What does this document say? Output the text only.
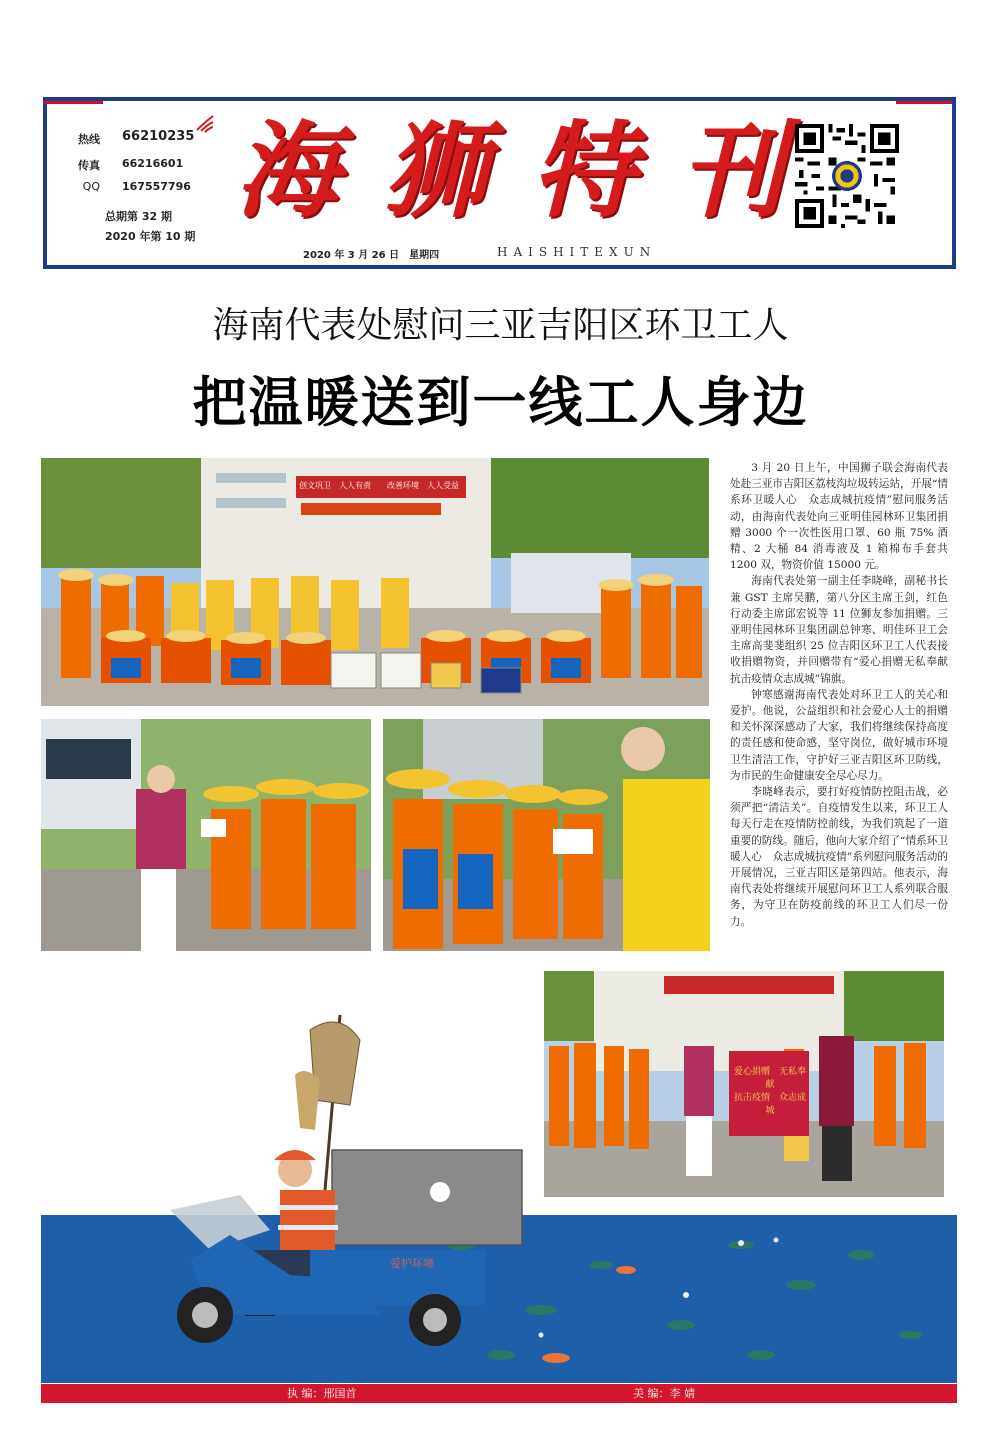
热线 66210235
传真 66216601
QQ 167557796
总期第 32 期
2020 年第 10 期
海 狮 特 刊
2020 年 3 月 26 日　星期四	HAISHITEXUN
海南代表处慰问三亚吉阳区环卫工人
把温暖送到一线工人身边
创文巩卫　人人有责　　改善环境　人人受益
爱心捐赠　无私奉献
抗击疫情　众志成城

3 月 20 日上午，中国狮子联会海南代表处赴三亚市吉阳区荔枝沟垃圾转运站，开展“情系环卫暖人心　众志成城抗疫情”慰问服务活动，由海南代表处向三亚明佳园林环卫集团捐赠 3000 个一次性医用口罩、60 瓶 75% 酒精、2 大桶 84 消毒液及 1 箱棉布手套共 1200 双，物资价值 15000 元。

海南代表处第一副主任李晓峰，副秘书长兼 GST 主席吴鹏，第八分区主席王剑，红色行动委主席邱宏锐等 11 位狮友参加捐赠。三亚明佳园林环卫集团副总钟寒、明佳环卫工会主席高斐斐组织 25 位吉阳区环卫工人代表接收捐赠物资，并回赠带有“爱心捐赠无私奉献　抗击疫情众志成城”锦旗。

钟寒感谢海南代表处对环卫工人的关心和爱护。他说，公益组织和社会爱心人士的捐赠和关怀深深感动了大家，我们将继续保持高度的责任感和使命感，坚守岗位，做好城市环境卫生清洁工作，守护好三亚吉阳区环卫防线，为市民的生命健康安全尽心尽力。

李晓峰表示，要打好疫情防控阻击战，必须严把“清洁关”。自疫情发生以来，环卫工人每天行走在疫情防控前线，为我们筑起了一道重要的防线。随后，他向大家介绍了“情系环卫暖人心　众志成城抗疫情”系列慰问服务活动的开展情况，三亚吉阳区是第四站。他表示，海南代表处将继续开展慰问环卫工人系列联合服务，为守卫在防疫前线的环卫工人们尽一份力。

爱护环境
执 编：邢国首	美 编：李 婧
